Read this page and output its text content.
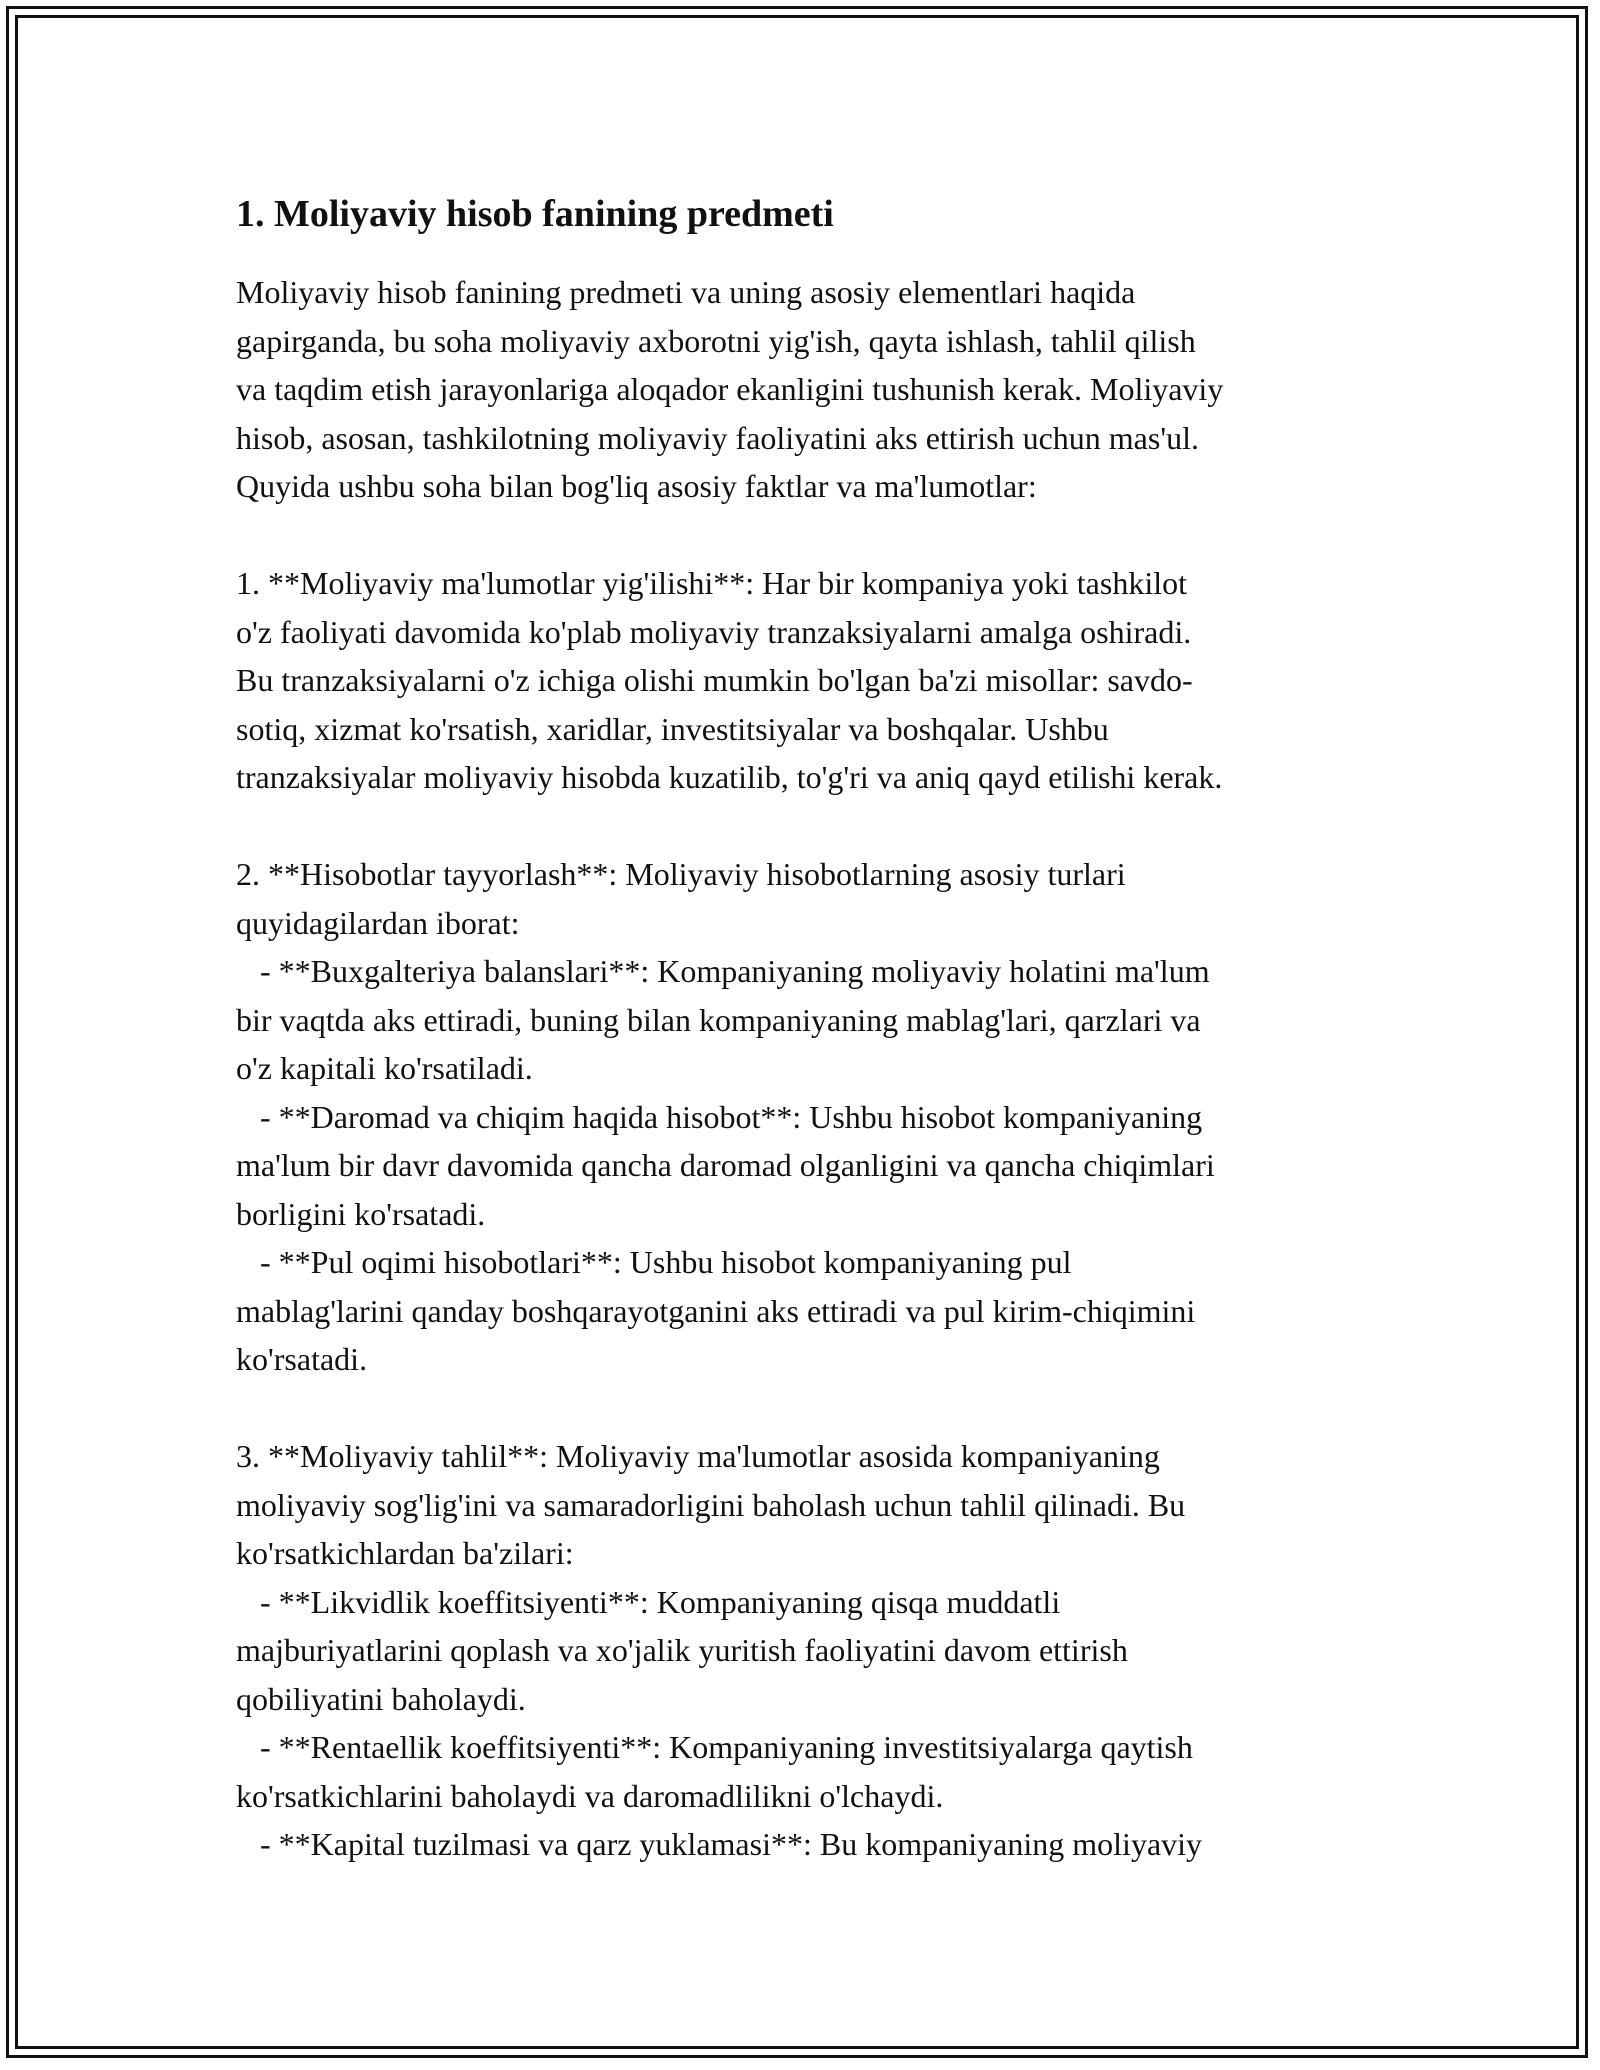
1. Moliyaviy hisob fanining predmeti

Moliyaviy hisob fanining predmeti va uning asosiy elementlari haqida
gapirganda, bu soha moliyaviy axborotni yig'ish, qayta ishlash, tahlil qilish
va taqdim etish jarayonlariga aloqador ekanligini tushunish kerak. Moliyaviy
hisob, asosan, tashkilotning moliyaviy faoliyatini aks ettirish uchun mas'ul.
Quyida ushbu soha bilan bog'liq asosiy faktlar va ma'lumotlar:

1. **Moliyaviy ma'lumotlar yig'ilishi**: Har bir kompaniya yoki tashkilot
o'z faoliyati davomida ko'plab moliyaviy tranzaksiyalarni amalga oshiradi.
Bu tranzaksiyalarni o'z ichiga olishi mumkin bo'lgan ba'zi misollar: savdo-
sotiq, xizmat ko'rsatish, xaridlar, investitsiyalar va boshqalar. Ushbu
tranzaksiyalar moliyaviy hisobda kuzatilib, to'g'ri va aniq qayd etilishi kerak.

2. **Hisobotlar tayyorlash**: Moliyaviy hisobotlarning asosiy turlari
quyidagilardan iborat:
- **Buxgalteriya balanslari**: Kompaniyaning moliyaviy holatini ma'lum
bir vaqtda aks ettiradi, buning bilan kompaniyaning mablag'lari, qarzlari va
o'z kapitali ko'rsatiladi.
- **Daromad va chiqim haqida hisobot**: Ushbu hisobot kompaniyaning
ma'lum bir davr davomida qancha daromad olganligini va qancha chiqimlari
borligini ko'rsatadi.
- **Pul oqimi hisobotlari**: Ushbu hisobot kompaniyaning pul
mablag'larini qanday boshqarayotganini aks ettiradi va pul kirim-chiqimini
ko'rsatadi.

3. **Moliyaviy tahlil**: Moliyaviy ma'lumotlar asosida kompaniyaning
moliyaviy sog'lig'ini va samaradorligini baholash uchun tahlil qilinadi. Bu
ko'rsatkichlardan ba'zilari:
- **Likvidlik koeffitsiyenti**: Kompaniyaning qisqa muddatli
majburiyatlarini qoplash va xo'jalik yuritish faoliyatini davom ettirish
qobiliyatini baholaydi.
- **Rentaellik koeffitsiyenti**: Kompaniyaning investitsiyalarga qaytish
ko'rsatkichlarini baholaydi va daromadlilikni o'lchaydi.
- **Kapital tuzilmasi va qarz yuklamasi**: Bu kompaniyaning moliyaviy
